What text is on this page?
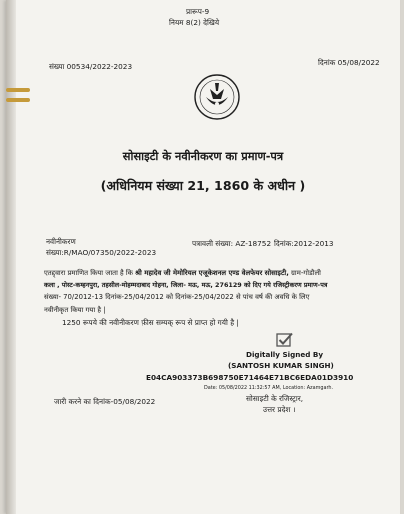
प्रारूप-9
नियम 8(2) देखिये
संख्या 00534/2022-2023	दिनांक 05/08/2022
सोसाइटी के नवीनीकरण का प्रमाण-पत्र
(अधिनियम संख्या 21, 1860 के अधीन )
नवीनीकरण
संख्या:R/MAO/07350/2022-2023
पत्रावली संख्या: AZ-18752 दिनांक:2012-2013
एतद्द्वारा प्रमाणित किया जाता है कि श्री महादेव जी मेमोरियल एजूकेशनल एण्ड वेलफेयर सोसाइटी, ग्राम-गोडौली
कला , पोस्ट-कम्हनपुरा, तहसील-मोहम्मदाबाद गोहना, जिला- मऊ, मऊ, 276129 को दिए गये रजिस्ट्रीकरण प्रमाण-पत्र
संख्या- 70/2012-13 दिनांक-25/04/2012 को दिनांक-25/04/2022 से पांच वर्ष की अवधि के लिए
नवीनीकृत किया गया है |
1250 रूपये की नवीनीकरण फ़ीस सम्यक् रूप से प्राप्त हो गयी है |
Digitally Signed By
(SANTOSH KUMAR SINGH)
E04CA903373B698750E71464E71BC6EDA01D3910
Date: 05/08/2022 11:32:57 AM, Location: Azamgarh.
सोसाइटी के रजिस्ट्रार,
उत्तर प्रदेश ।
जारी करने का दिनांक-05/08/2022
